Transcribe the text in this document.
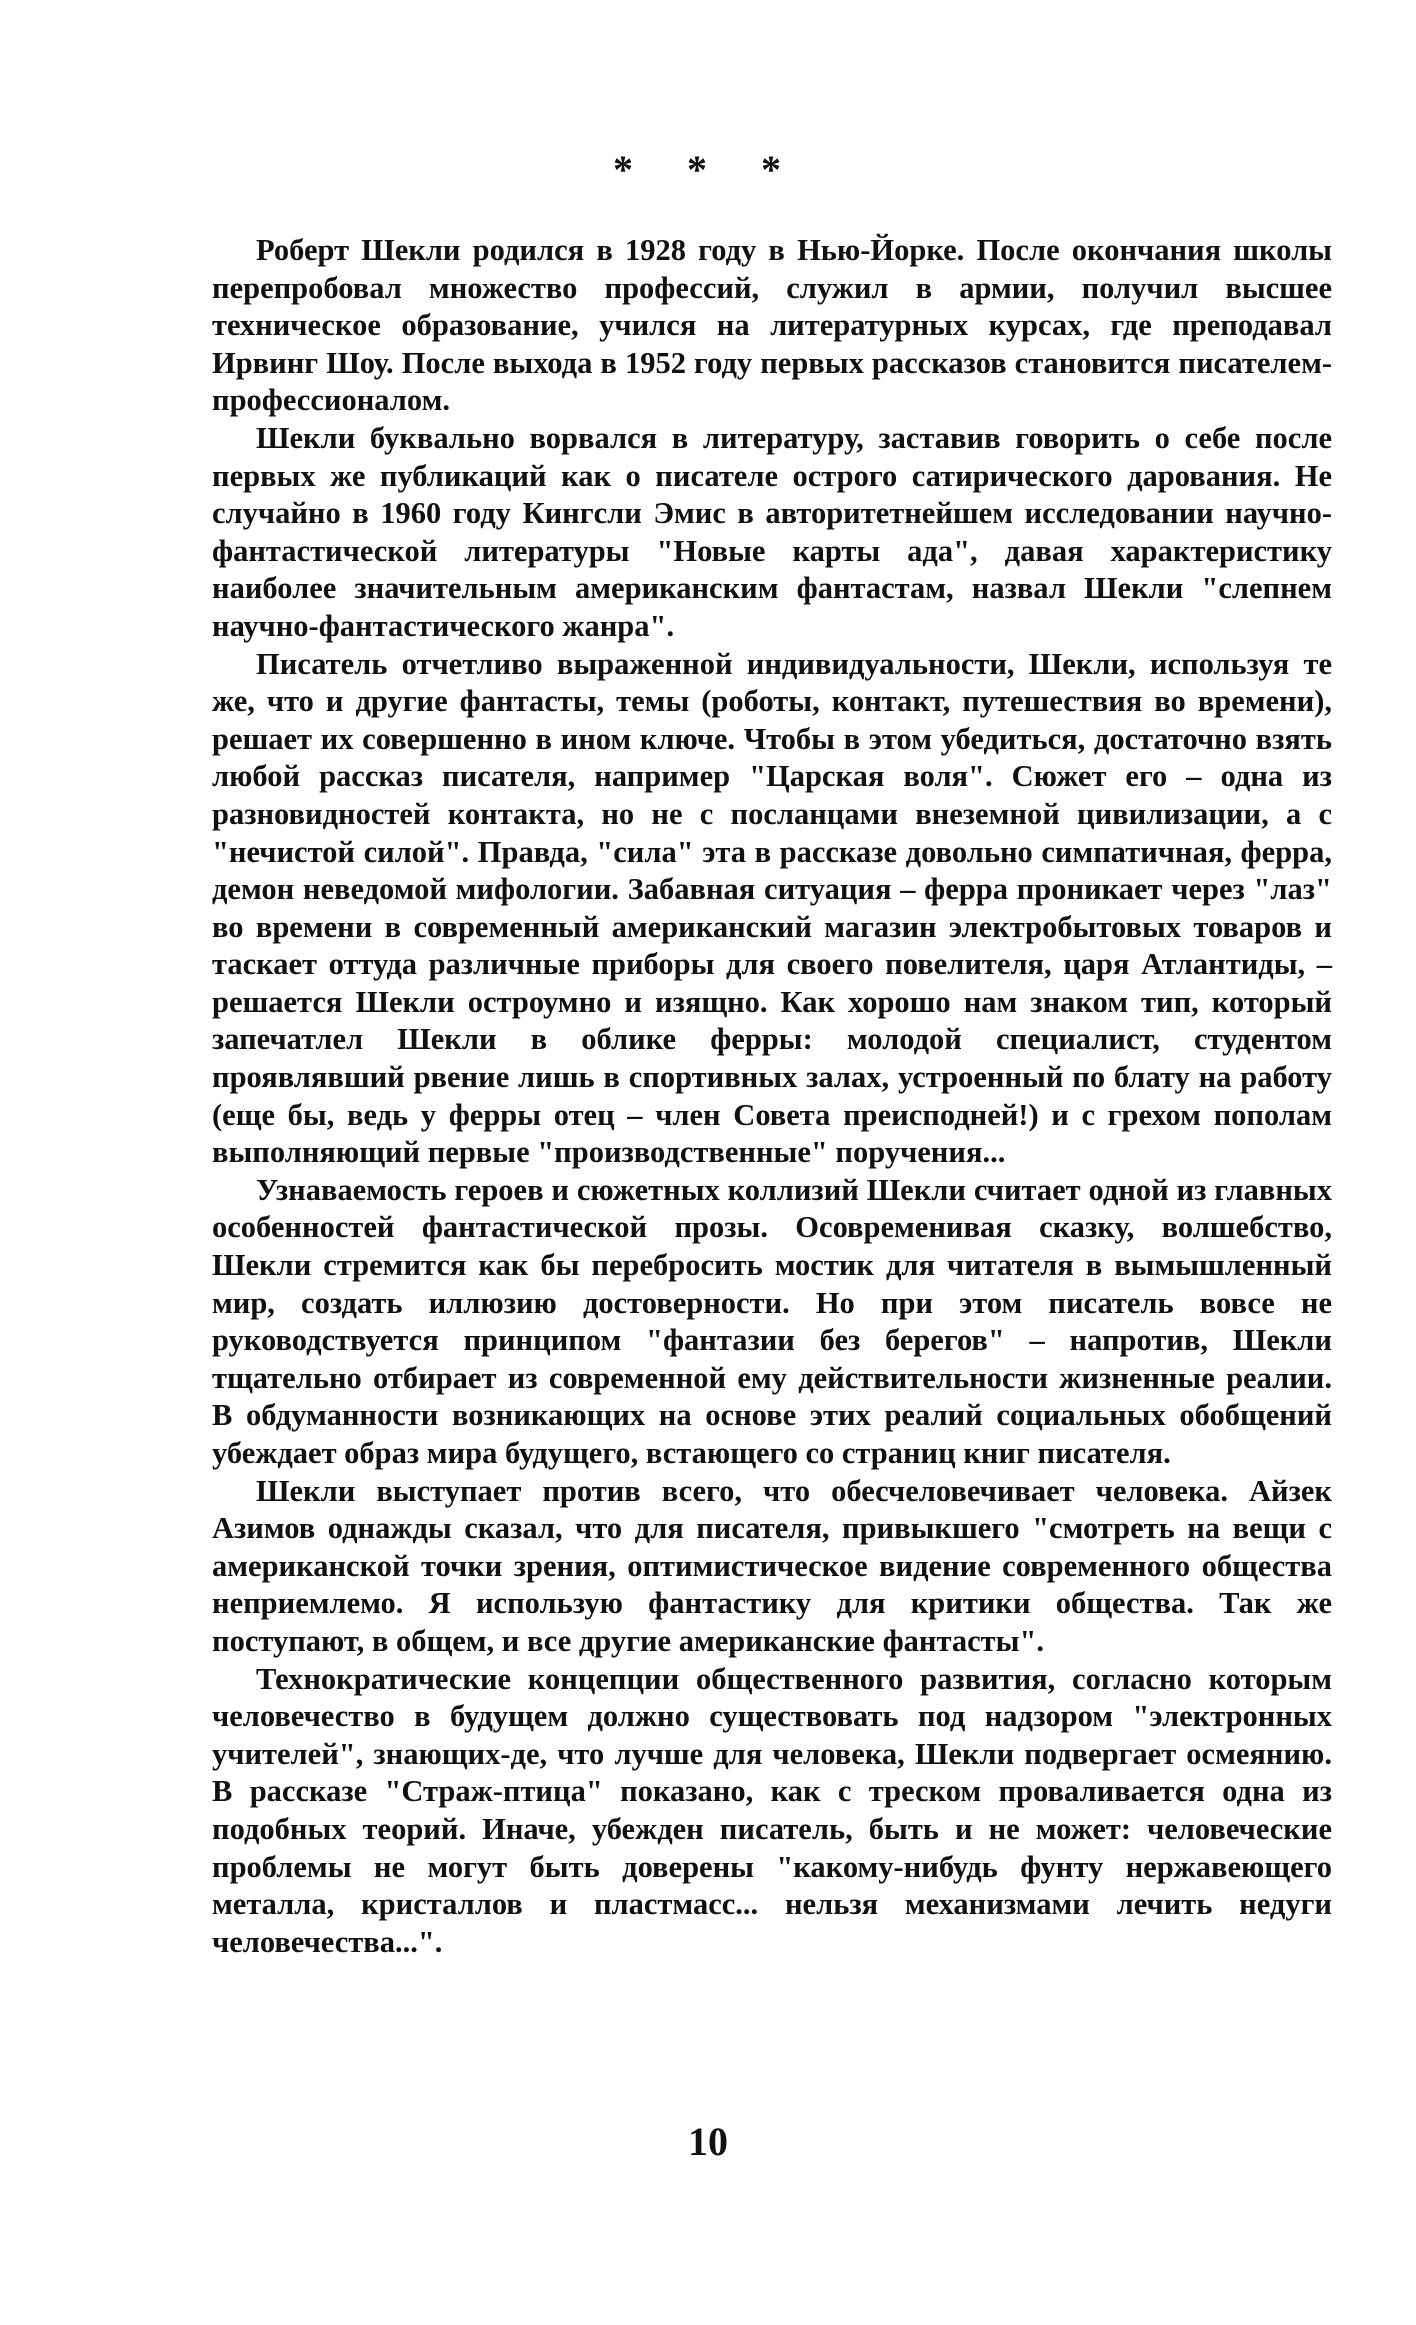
* * *

Роберт Шекли родился в 1928 году в Нью-Йорке. После окончания школы перепробовал множество профессий, служил в армии, получил высшее техническое образование, учился на литературных курсах, где преподавал Ирвинг Шоу. После выхода в 1952 году первых рассказов становится писателем-профессионалом.

Шекли буквально ворвался в литературу, заставив говорить о себе после первых же публикаций как о писателе острого сатирического дарования. Не случайно в 1960 году Кингсли Эмис в авторитетнейшем исследовании научно-фантастической литературы "Новые карты ада", давая характеристику наиболее значительным американским фантастам, назвал Шекли "слепнем научно-фантастического жанра".

Писатель отчетливо выраженной индивидуальности, Шекли, используя те же, что и другие фантасты, темы (роботы, контакт, путешествия во времени), решает их совершенно в ином ключе. Чтобы в этом убедиться, достаточно взять любой рассказ писателя, например "Царская воля". Сюжет его – одна из разновидностей контакта, но не с посланцами внеземной цивилизации, а с "нечистой силой". Правда, "сила" эта в рассказе довольно симпатичная, ферра, демон неведомой мифологии. Забавная ситуация – ферра проникает через "лаз" во времени в современный американский магазин электробытовых товаров и таскает оттуда различные приборы для своего повелителя, царя Атлантиды, – решается Шекли остроумно и изящно. Как хорошо нам знаком тип, который запечатлел Шекли в облике ферры: молодой специалист, студентом проявлявший рвение лишь в спортивных залах, устроенный по блату на работу (еще бы, ведь у ферры отец – член Совета преисподней!) и с грехом пополам выполняющий первые "производственные" поручения...

Узнаваемость героев и сюжетных коллизий Шекли считает одной из главных особенностей фантастической прозы. Осовременивая сказку, волшебство, Шекли стремится как бы перебросить мостик для читателя в вымышленный мир, создать иллюзию достоверности. Но при этом писатель вовсе не руководствуется принципом "фантазии без берегов" – напротив, Шекли тщательно отбирает из современной ему действительности жизненные реалии. В обдуманности возникающих на основе этих реалий социальных обобщений убеждает образ мира будущего, встающего со страниц книг писателя.

Шекли выступает против всего, что обесчеловечивает человека. Айзек Азимов однажды сказал, что для писателя, привыкшего "смотреть на вещи с американской точки зрения, оптимистическое видение современного общества неприемлемо. Я использую фантастику для критики общества. Так же поступают, в общем, и все другие американские фантасты".

Технократические концепции общественного развития, согласно которым человечество в будущем должно существовать под надзором "электронных учителей", знающих-де, что лучше для человека, Шекли подвергает осмеянию. В рассказе "Страж-птица" показано, как с треском проваливается одна из подобных теорий. Иначе, убежден писатель, быть и не может: человеческие проблемы не могут быть доверены "какому-нибудь фунту нержавеющего металла, кристаллов и пластмасс... нельзя механизмами лечить недуги человечества...".

10
